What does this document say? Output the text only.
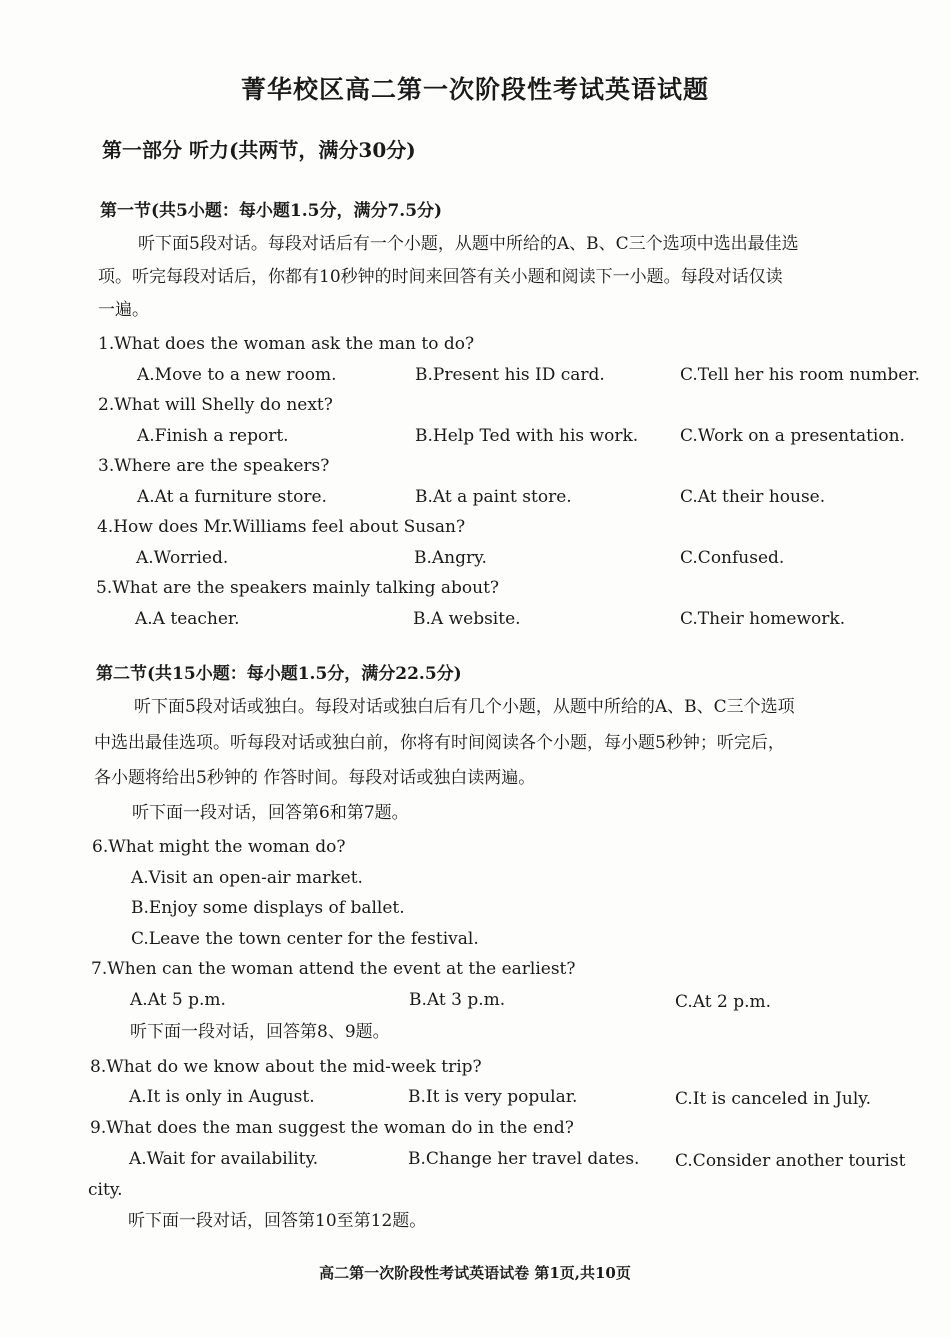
菁华校区高二第一次阶段性考试英语试题
第一部分 听力(共两节，满分30分)
第一节(共5小题：每小题1.5分，满分7.5分)
听下面5段对话。每段对话后有一个小题，从题中所给的A、B、C三个选项中选出最佳选
项。听完每段对话后，你都有10秒钟的时间来回答有关小题和阅读下一小题。每段对话仅读
一遍。
1.What does the woman ask the man to do?
A.Move to a new room.	B.Present his ID card.	C.Tell her his room number.
2.What will Shelly do next?
A.Finish a report.	B.Help Ted with his work. C.Work on a presentation.
3.Where are the speakers?
A.At a furniture store.	B.At a paint store.	C.At their house.
4.How does Mr.Williams feel about Susan?
A.Worried.	B.Angry.	C.Confused.
5.What are the speakers mainly talking about?
A.A teacher.	B.A website.	C.Their homework.
第二节(共15小题：每小题1.5分，满分22.5分)
听下面5段对话或独白。每段对话或独白后有几个小题，从题中所给的A、B、C三个选项
中选出最佳选项。听每段对话或独白前，你将有时间阅读各个小题，每小题5秒钟；听完后，
各小题将给出5秒钟的 作答时间。每段对话或独白读两遍。
听下面一段对话，回答第6和第7题。
6.What might the woman do?
A.Visit an open-air market.
B.Enjoy some displays of ballet.
C.Leave the town center for the festival.
7.When can the woman attend the event at the earliest?
A.At 5 p.m.	B.At 3 p.m.	C.At 2 p.m.
听下面一段对话，回答第8、9题。
8.What do we know about the mid-week trip?
A.It is only in August.	B.It is very popular.	C.It is canceled in July.
9.What does the man suggest the woman do in the end?
A.Wait for availability.	B.Change her travel dates. C.Consider another tourist
city.
听下面一段对话，回答第10至第12题。
高二第一次阶段性考试英语试卷 第1页,共10页
